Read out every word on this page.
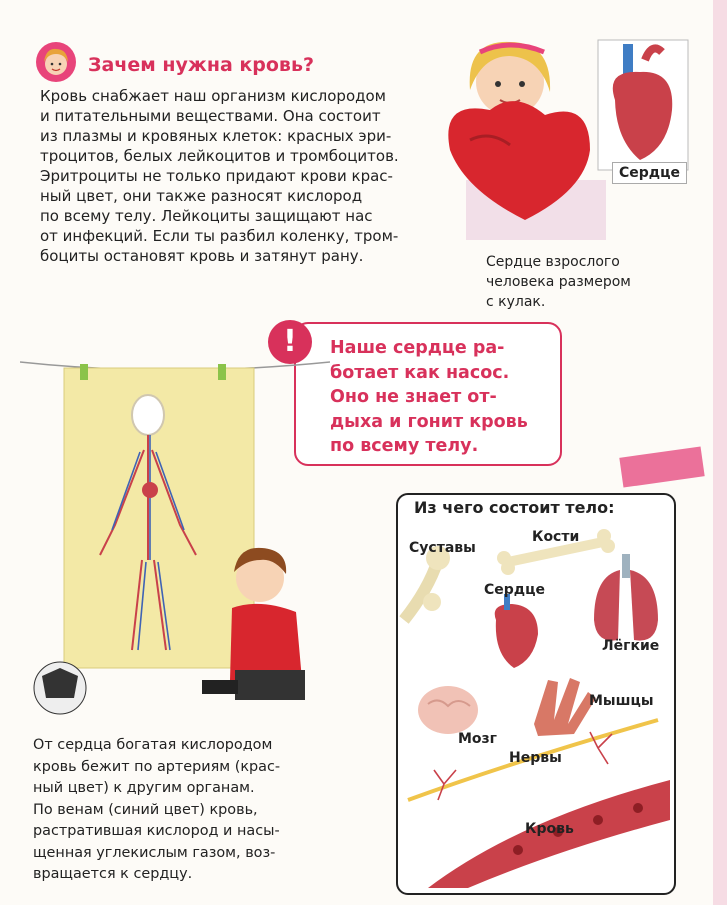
Зачем нужна кровь?
Кровь снабжает наш организм кислородом
и питательными веществами. Она состоит
из плазмы и кровяных клеток: красных эри-
троцитов, белых лейкоцитов и тромбоцитов.
Эритроциты не только придают крови крас-
ный цвет, они также разносят кислород
по всему телу. Лейкоциты защищают нас
от инфекций. Если ты разбил коленку, тром-
боциты остановят кровь и затянут рану.
Сердце
Сердце взрослого
человека размером
с кулак.
!	Наше сердце ра-
ботает как насос.
Оно не знает от-
дыха и гонит кровь
по всему телу.
От сердца богатая кислородом
кровь бежит по артериям (крас-
ный цвет) к другим органам.
По венам (синий цвет) кровь,
растратившая кислород и насы-
щенная углекислым газом, воз-
вращается к сердцу.
Из чего состоит тело:
Суставы
Кости
Сердце
Лёгкие
Мышцы
Мозг
Нервы
Кровь
